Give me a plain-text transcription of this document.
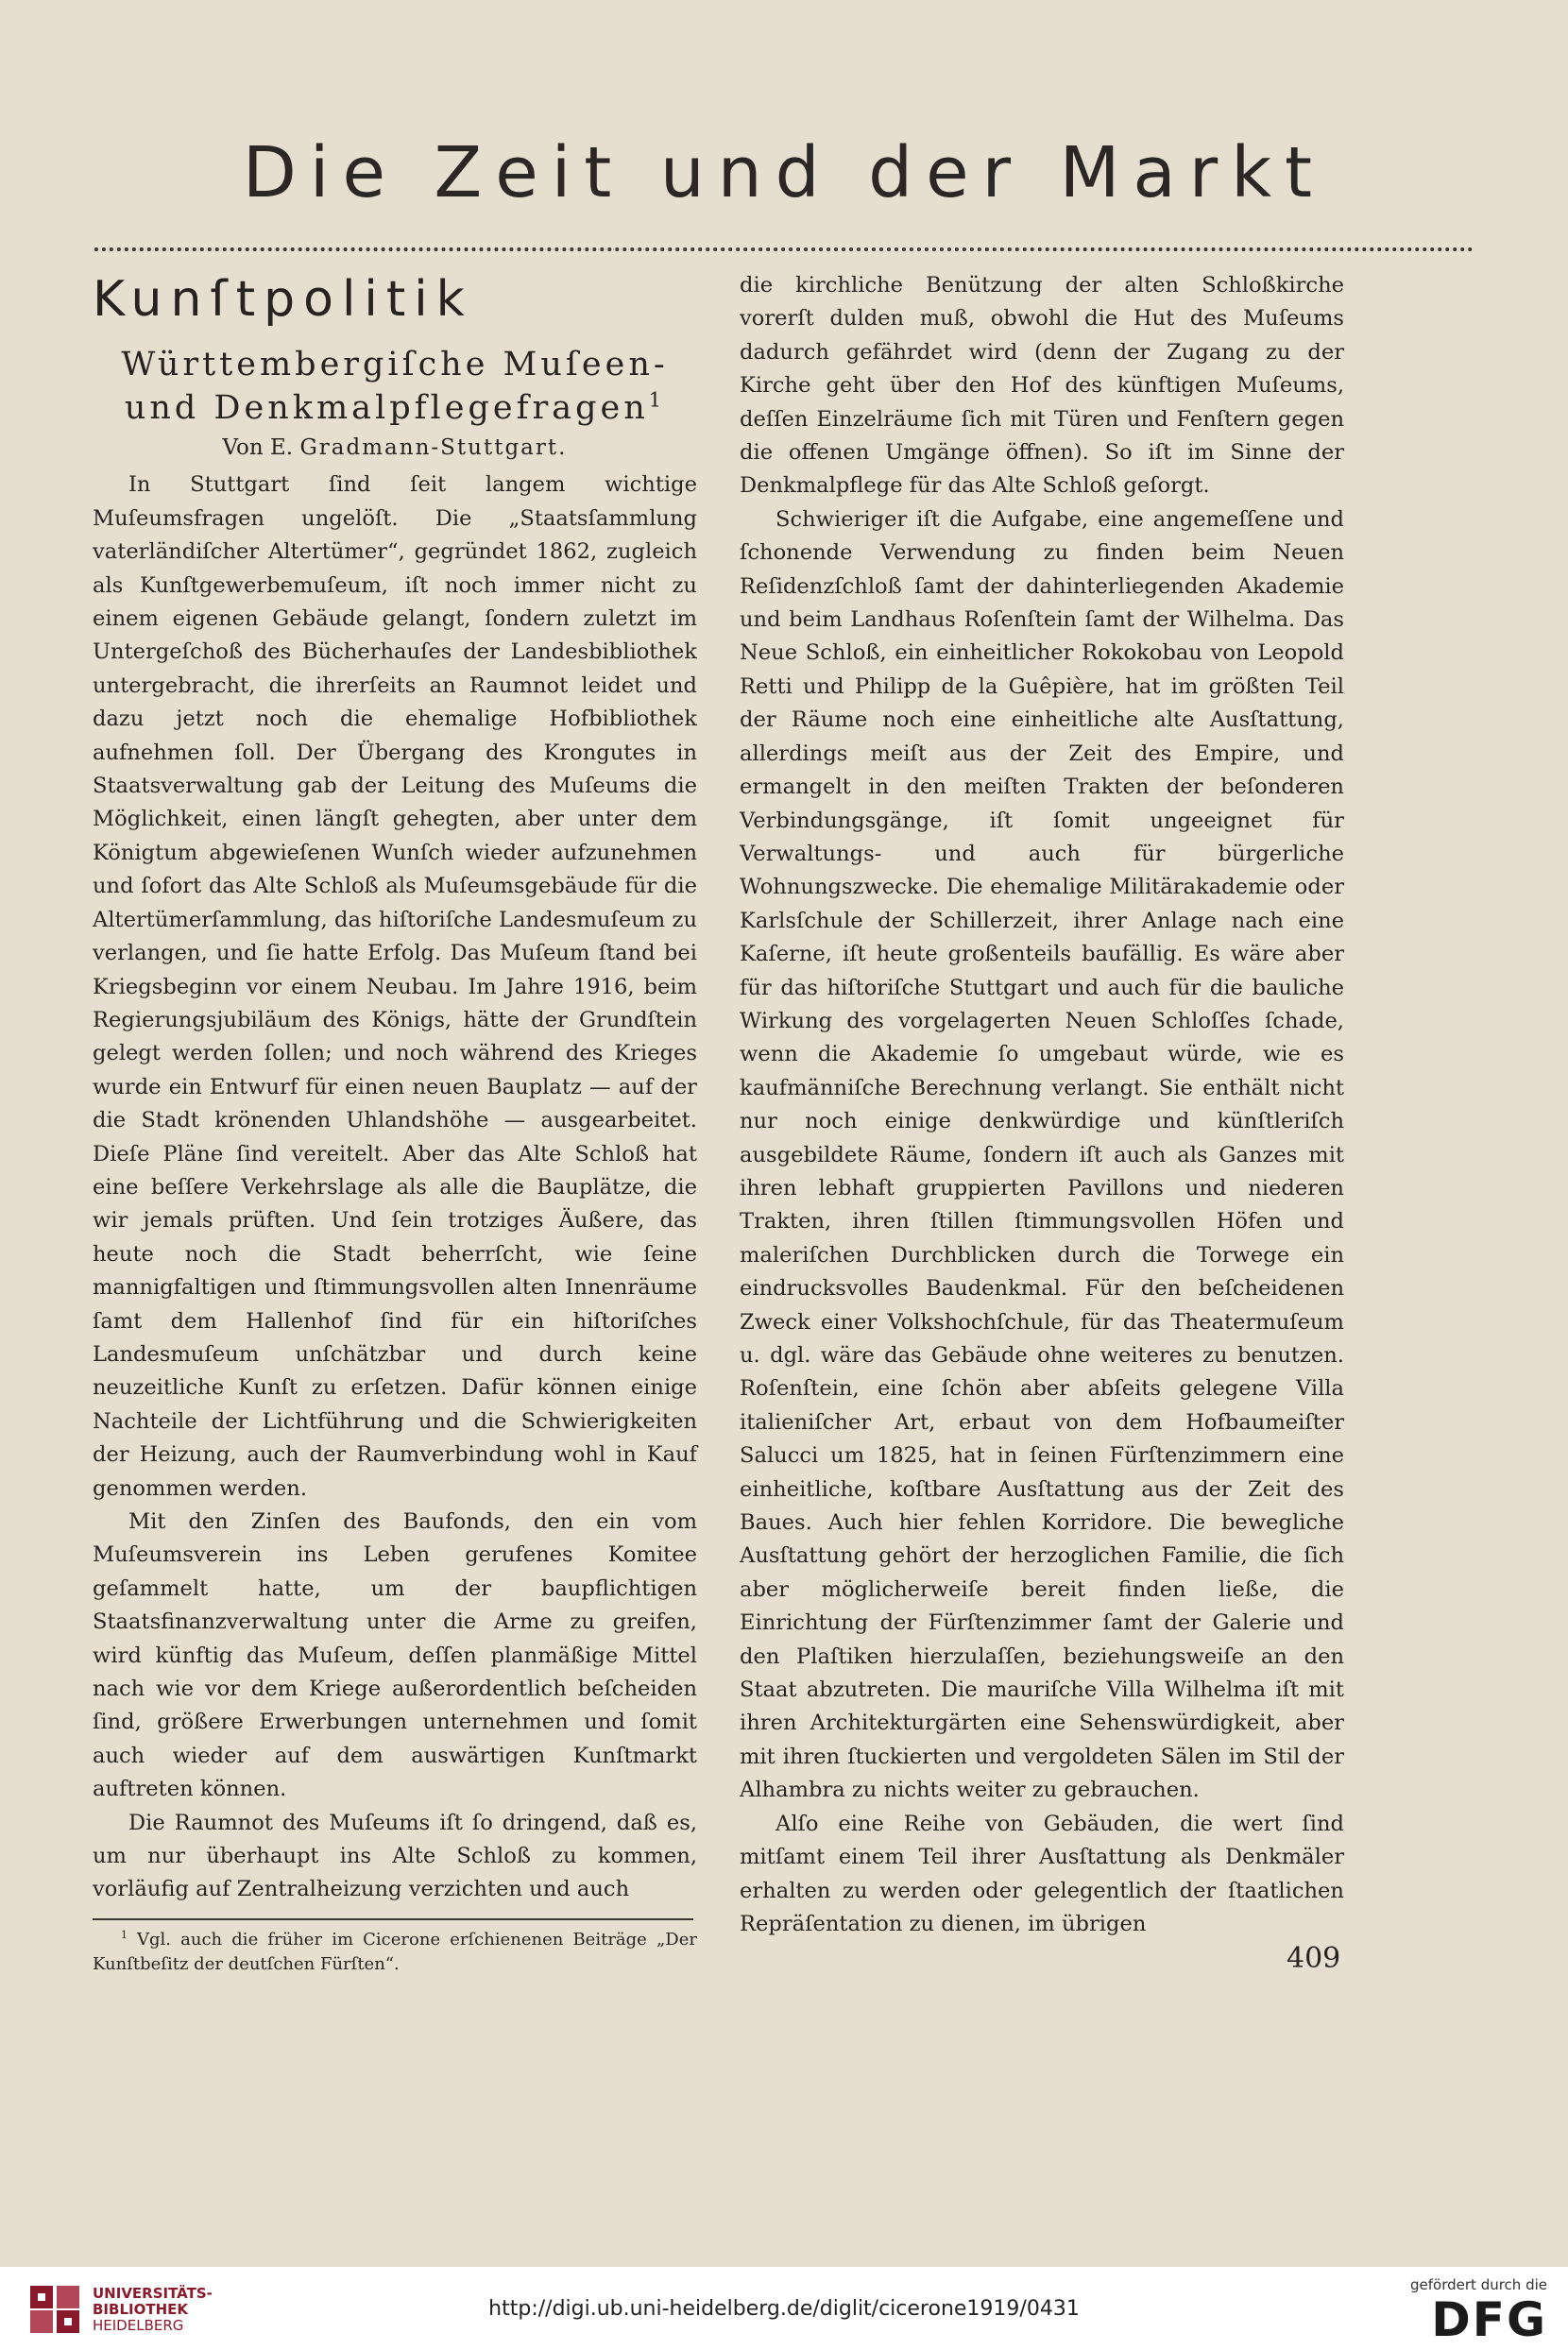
Die Zeit und der Markt
Kunſtpolitik
Württembergiſche Muſeen-
und Denkmalpflegefragen$^1$
Von E. Gradmann-Stuttgart.

In Stuttgart ſind ſeit langem wichtige Muſeumsfragen ungelöſt. Die „Staatsſammlung vaterländiſcher Altertümer“, gegründet 1862, zugleich als Kunſtgewerbemuſeum, iſt noch immer nicht zu einem eigenen Gebäude gelangt, ſondern zuletzt im Untergeſchoß des Bücherhauſes der Landesbibliothek untergebracht, die ihrerſeits an Raumnot leidet und dazu jetzt noch die ehemalige Hofbibliothek aufnehmen ſoll. Der Übergang des Krongutes in Staatsverwaltung gab der Leitung des Muſeums die Möglichkeit, einen längſt gehegten, aber unter dem Königtum abgewieſenen Wunſch wieder aufzunehmen und ſofort das Alte Schloß als Muſeumsgebäude für die Altertümerſammlung, das hiſtoriſche Landesmuſeum zu verlangen, und ſie hatte Erfolg. Das Muſeum ſtand bei Kriegsbeginn vor einem Neubau. Im Jahre 1916, beim Regierungsjubiläum des Königs, hätte der Grundſtein gelegt werden ſollen; und noch während des Krieges wurde ein Entwurf für einen neuen Bauplatz — auf der die Stadt krönenden Uhlandshöhe — ausgearbeitet. Dieſe Pläne ſind vereitelt. Aber das Alte Schloß hat eine beſſere Verkehrslage als alle die Bauplätze, die wir jemals prüften. Und ſein trotziges Äußere, das heute noch die Stadt beherrſcht, wie ſeine mannigfaltigen und ſtimmungsvollen alten Innenräume ſamt dem Hallenhof ſind für ein hiſtoriſches Landesmuſeum unſchätzbar und durch keine neuzeitliche Kunſt zu erſetzen. Dafür können einige Nachteile der Lichtführung und die Schwierigkeiten der Heizung, auch der Raumverbindung wohl in Kauf genommen werden.

Mit den Zinſen des Baufonds, den ein vom Muſeumsverein ins Leben gerufenes Komitee geſammelt hatte, um der baupflichtigen Staatsfinanzverwaltung unter die Arme zu greifen, wird künftig das Muſeum, deſſen planmäßige Mittel nach wie vor dem Kriege außerordentlich beſcheiden ſind, größere Erwerbungen unternehmen und ſomit auch wieder auf dem auswärtigen Kunſtmarkt auftreten können.

Die Raumnot des Muſeums iſt ſo dringend, daß es, um nur überhaupt ins Alte Schloß zu kommen, vorläufig auf Zentralheizung verzichten und auch

$^1$ Vgl. auch die früher im Cicerone erſchienenen Beiträge „Der Kunſtbeſitz der deutſchen Fürſten“.

die kirchliche Benützung der alten Schloßkirche vorerſt dulden muß, obwohl die Hut des Muſeums dadurch gefährdet wird (denn der Zugang zu der Kirche geht über den Hof des künftigen Muſeums, deſſen Einzelräume ſich mit Türen und Fenſtern gegen die offenen Umgänge öffnen). So iſt im Sinne der Denkmalpflege für das Alte Schloß geſorgt.

Schwieriger iſt die Aufgabe, eine angemeſſene und ſchonende Verwendung zu finden beim Neuen Reſidenzſchloß ſamt der dahinterliegenden Akademie und beim Landhaus Roſenſtein ſamt der Wilhelma. Das Neue Schloß, ein einheitlicher Rokokobau von Leopold Retti und Philipp de la Guêpière, hat im größten Teil der Räume noch eine einheitliche alte Ausſtattung, allerdings meiſt aus der Zeit des Empire, und ermangelt in den meiſten Trakten der beſonderen Verbindungsgänge, iſt ſomit ungeeignet für Verwaltungs- und auch für bürgerliche Wohnungszwecke. Die ehemalige Militärakademie oder Karlsſchule der Schillerzeit, ihrer Anlage nach eine Kaſerne, iſt heute großenteils baufällig. Es wäre aber für das hiſtoriſche Stuttgart und auch für die bauliche Wirkung des vorgelagerten Neuen Schloſſes ſchade, wenn die Akademie ſo umgebaut würde, wie es kaufmänniſche Berechnung verlangt. Sie enthält nicht nur noch einige denkwürdige und künſtleriſch ausgebildete Räume, ſondern iſt auch als Ganzes mit ihren lebhaft gruppierten Pavillons und niederen Trakten, ihren ſtillen ſtimmungsvollen Höfen und maleriſchen Durchblicken durch die Torwege ein eindrucksvolles Baudenkmal. Für den beſcheidenen Zweck einer Volkshochſchule, für das Theatermuſeum u. dgl. wäre das Gebäude ohne weiteres zu benutzen. Roſenſtein, eine ſchön aber abſeits gelegene Villa italieniſcher Art, erbaut von dem Hofbaumeiſter Salucci um 1825, hat in ſeinen Fürſtenzimmern eine einheitliche, koſtbare Ausſtattung aus der Zeit des Baues. Auch hier fehlen Korridore. Die bewegliche Ausſtattung gehört der herzoglichen Familie, die ſich aber möglicherweiſe bereit finden ließe, die Einrichtung der Fürſtenzimmer ſamt der Galerie und den Plaſtiken hierzulaſſen, beziehungsweiſe an den Staat abzutreten. Die mauriſche Villa Wilhelma iſt mit ihren Architekturgärten eine Sehenswürdigkeit, aber mit ihren ſtuckierten und vergoldeten Sälen im Stil der Alhambra zu nichts weiter zu gebrauchen.

Alſo eine Reihe von Gebäuden, die wert ſind mitſamt einem Teil ihrer Ausſtattung als Denkmäler erhalten zu werden oder gelegentlich der ſtaatlichen Repräſentation zu dienen, im übrigen

409
UNIVERSITÄTS-
BIBLIOTHEK
HEIDELBERG
http://digi.ub.uni-heidelberg.de/diglit/cicerone1919/0431
gefördert durch die
DFG
